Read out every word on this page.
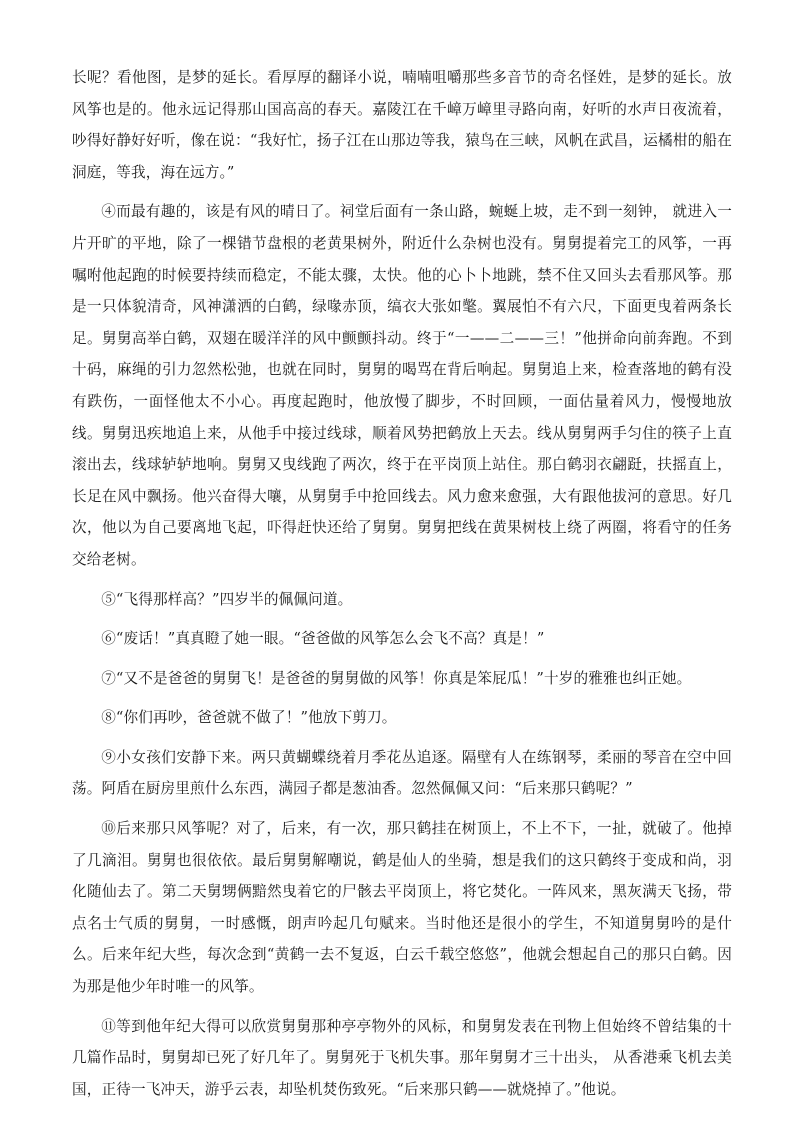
长呢？看他图，是梦的延长。看厚厚的翻译小说，喃喃咀嚼那些多音节的奇名怪姓，是梦的延长。放风筝也是的。他永远记得那山国高高的春天。嘉陵江在千嶂万嶂里寻路向南，好听的水声日夜流着，吵得好静好好听，像在说：“我好忙，扬子江在山那边等我，猿鸟在三峡，风帆在武昌，运橘柑的船在洞庭，等我，海在远方。”

④而最有趣的，该是有风的晴日了。祠堂后面有一条山路，蜿蜒上坡，走不到一刻钟， 就进入一片开旷的平地，除了一棵错节盘根的老黄果树外，附近什么杂树也没有。舅舅提着完工的风筝，一再嘱咐他起跑的时候要持续而稳定，不能太骤，太快。他的心卜卜地跳，禁不住又回头去看那风筝。那是一只体貌清奇，风神潇洒的白鹤，绿喙赤顶，缟衣大张如氅。翼展怕不有六尺，下面更曳着两条长足。舅舅高举白鹤，双翅在暖洋洋的风中颤颤抖动。终于“一——二——三！”他拼命向前奔跑。不到十码，麻绳的引力忽然松弛，也就在同时，舅舅的喝骂在背后响起。舅舅追上来，检查落地的鹤有没有跌伤，一面怪他太不小心。再度起跑时，他放慢了脚步，不时回顾，一面估量着风力，慢慢地放线。舅舅迅疾地追上来，从他手中接过线球，顺着风势把鹤放上天去。线从舅舅两手匀住的筷子上直滚出去，线球轳轳地响。舅舅又曳线跑了两次，终于在平岗顶上站住。那白鹤羽衣翩跹，扶摇直上，长足在风中飘扬。他兴奋得大嚷，从舅舅手中抢回线去。风力愈来愈强，大有跟他拔河的意思。好几次，他以为自己要离地飞起，吓得赶快还给了舅舅。舅舅把线在黄果树枝上绕了两圈，将看守的任务交给老树。

⑤“飞得那样高？”四岁半的佩佩问道。

⑥“废话！”真真瞪了她一眼。“爸爸做的风筝怎么会飞不高？真是！”

⑦“又不是爸爸的舅舅飞！是爸爸的舅舅做的风筝！你真是笨屁瓜！”十岁的雅雅也纠正她。

⑧“你们再吵，爸爸就不做了！”他放下剪刀。

⑨小女孩们安静下来。两只黄蝴蝶绕着月季花丛追逐。隔壁有人在练钢琴，柔丽的琴音在空中回荡。阿盾在厨房里煎什么东西，满园子都是葱油香。忽然佩佩又问：“后来那只鹤呢？”

⑩后来那只风筝呢？对了，后来，有一次，那只鹤挂在树顶上，不上不下，一扯，就破了。他掉了几滴泪。舅舅也很依依。最后舅舅解嘲说，鹤是仙人的坐骑，想是我们的这只鹤终于变成和尚，羽化随仙去了。第二天舅甥俩黯然曳着它的尸骸去平岗顶上，将它焚化。一阵风来，黑灰满天飞扬，带点名士气质的舅舅，一时感慨，朗声吟起几句赋来。当时他还是很小的学生，不知道舅舅吟的是什么。后来年纪大些，每次念到“黄鹤一去不复返，白云千载空悠悠”，他就会想起自己的那只白鹤。因为那是他少年时唯一的风筝。

⑪等到他年纪大得可以欣赏舅舅那种亭亭物外的风标，和舅舅发表在刊物上但始终不曾结集的十几篇作品时，舅舅却已死了好几年了。舅舅死于飞机失事。那年舅舅才三十出头， 从香港乘飞机去美国，正待一飞冲天，游乎云表，却坠机焚伤致死。“后来那只鹤——就烧掉了。”他说。
